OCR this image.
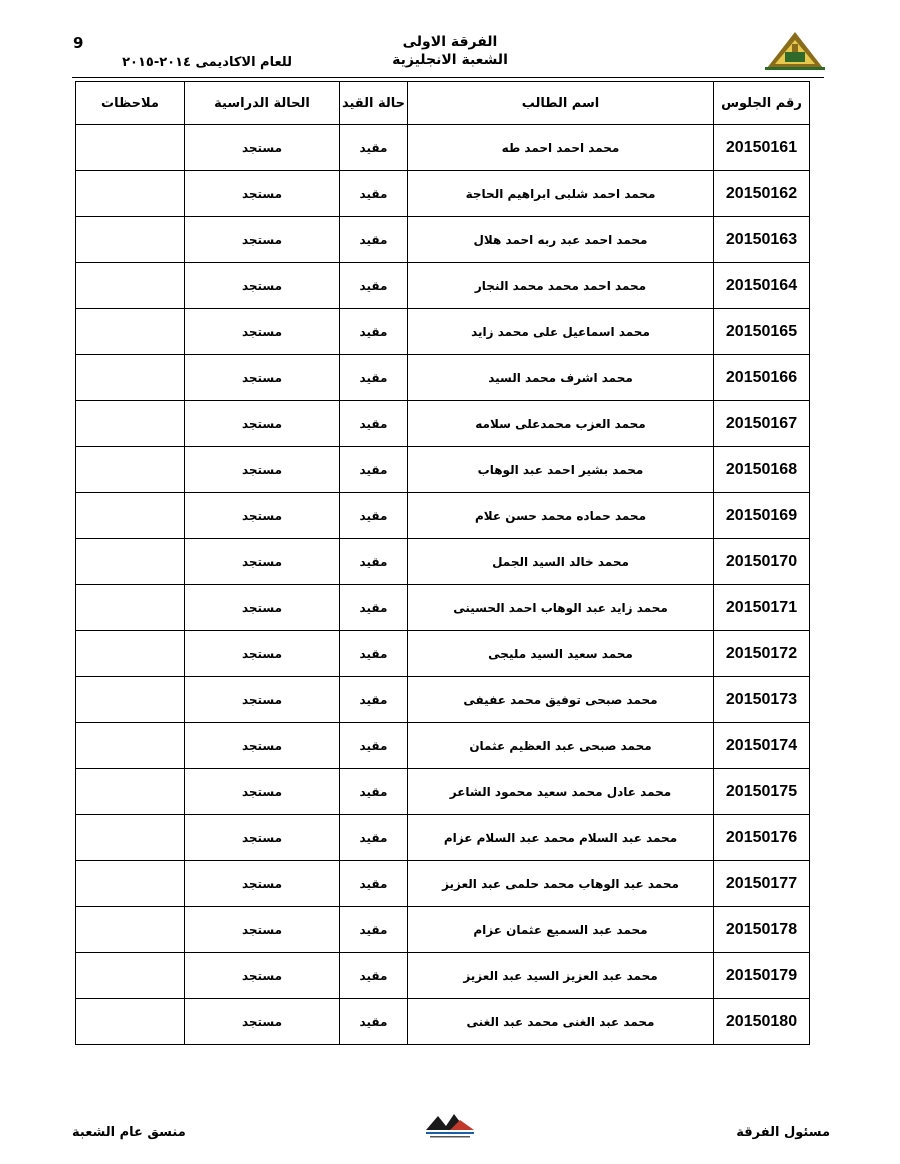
9	الفرقة الاولى
الشعبة الانجليزية
للعام الاكاديمى ٢٠١٤-٢٠١٥
رقم الجلوس	اسم الطالب	حالة القيد	الحالة الدراسية	ملاحظات
20150161	محمد احمد احمد طه	مقيد	مستجد	
20150162	محمد احمد شلبى ابراهيم الحاجة	مقيد	مستجد	
20150163	محمد احمد عبد ربه احمد هلال	مقيد	مستجد	
20150164	محمد احمد محمد محمد النجار	مقيد	مستجد	
20150165	محمد اسماعيل على محمد زايد	مقيد	مستجد	
20150166	محمد اشرف محمد السيد	مقيد	مستجد	
20150167	محمد العزب محمدعلى سلامه	مقيد	مستجد	
20150168	محمد بشير احمد عبد الوهاب	مقيد	مستجد	
20150169	محمد حماده محمد حسن علام	مقيد	مستجد	
20150170	محمد خالد السيد الجمل	مقيد	مستجد	
20150171	محمد زايد عبد الوهاب احمد الحسينى	مقيد	مستجد	
20150172	محمد سعيد السيد مليجى	مقيد	مستجد	
20150173	محمد صبحى توفيق محمد عفيفى	مقيد	مستجد	
20150174	محمد صبحى عبد العظيم عثمان	مقيد	مستجد	
20150175	محمد عادل محمد سعيد محمود الشاعر	مقيد	مستجد	
20150176	محمد عبد السلام محمد عبد السلام عزام	مقيد	مستجد	
20150177	محمد عبد الوهاب محمد حلمى عبد العزيز	مقيد	مستجد	
20150178	محمد عبد السميع عثمان عزام	مقيد	مستجد	
20150179	محمد عبد العزيز السيد عبد العزيز	مقيد	مستجد	
20150180	محمد عبد الغنى محمد عبد الغنى	مقيد	مستجد	
مسئول الفرقة
منسق عام الشعبة
